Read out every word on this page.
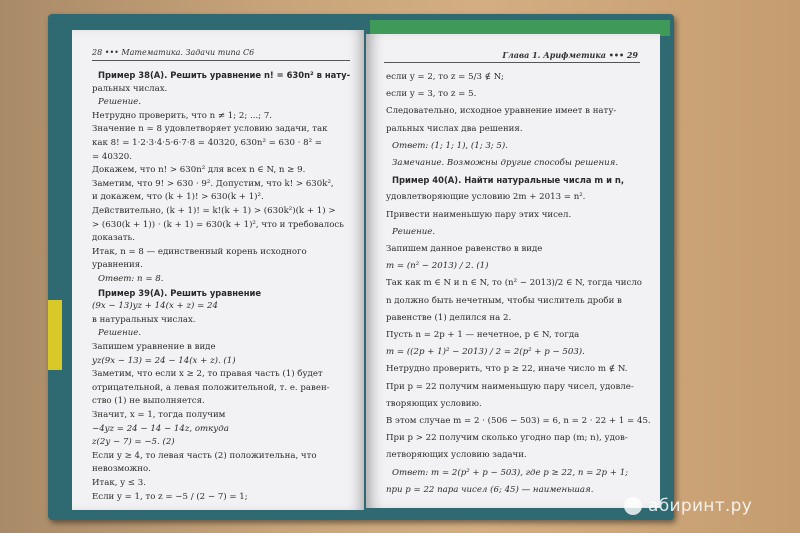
28 ••• Математика. Задачи типа С6
Пример 38(А). Решить уравнение n! = 630n² в нату-
ральных числах.
Решение.
Нетрудно проверить, что n ≠ 1; 2; ...; 7.
Значение n = 8 удовлетворяет условию задачи, так
как 8! = 1·2·3·4·5·6·7·8 = 40320, 630n² = 630 · 8² =
= 40320.
Докажем, что n! > 630n² для всех n ∈ N, n ≥ 9.
Заметим, что 9! > 630 · 9². Допустим, что k! > 630k²,
и докажем, что (k + 1)! > 630(k + 1)².
Действительно, (k + 1)! = k!(k + 1) > (630k²)(k + 1) >
> (630(k + 1)) · (k + 1) = 630(k + 1)², что и требовалось
доказать.
Итак, n = 8 — единственный корень исходного
уравнения.
Ответ: n = 8.
Пример 39(А). Решить уравнение
(9x − 13)yz + 14(x + z) = 24
в натуральных числах.
Решение.
Запишем уравнение в виде
yz(9x − 13) = 24 − 14(x + z). (1)
Заметим, что если x ≥ 2, то правая часть (1) будет
отрицательной, а левая положительной, т. е. равен-
ство (1) не выполняется.
Значит, x = 1, тогда получим
−4yz = 24 − 14 − 14z, откуда
z(2y − 7) = −5. (2)
Если y ≥ 4, то левая часть (2) положительна, что
невозможно.
Итак, y ≤ 3.
Если y = 1, то z = −5 / (2 − 7) = 1;
Глава 1. Арифметика ••• 29
если y = 2, то z = 5/3 ∉ N;
если y = 3, то z = 5.
Следовательно, исходное уравнение имеет в нату-
ральных числах два решения.
Ответ: (1; 1; 1), (1; 3; 5).
Замечание. Возможны другие способы решения.
Пример 40(А). Найти натуральные числа m и n,
удовлетворяющие условию 2m + 2013 = n².
Привести наименьшую пару этих чисел.
Решение.
Запишем данное равенство в виде
m = (n² − 2013) / 2. (1)
Так как m ∈ N и n ∈ N, то (n² − 2013)/2 ∈ N, тогда число
n должно быть нечетным, чтобы числитель дроби в
равенстве (1) делился на 2.
Пусть n = 2p + 1 — нечетное, p ∈ N, тогда
m = ((2p + 1)² − 2013) / 2 = 2(p² + p − 503).
Нетрудно проверить, что p ≥ 22, иначе число m ∉ N.
При p = 22 получим наименьшую пару чисел, удовле-
творяющих условию.
В этом случае m = 2 · (506 − 503) = 6, n = 2 · 22 + 1 = 45.
При p > 22 получим сколько угодно пар (m; n), удов-
летворяющих условию задачи.
Ответ: m = 2(p² + p − 503), где p ≥ 22, n = 2p + 1;
при p = 22 пара чисел (6; 45) — наименьшая.
абиринт.ру
